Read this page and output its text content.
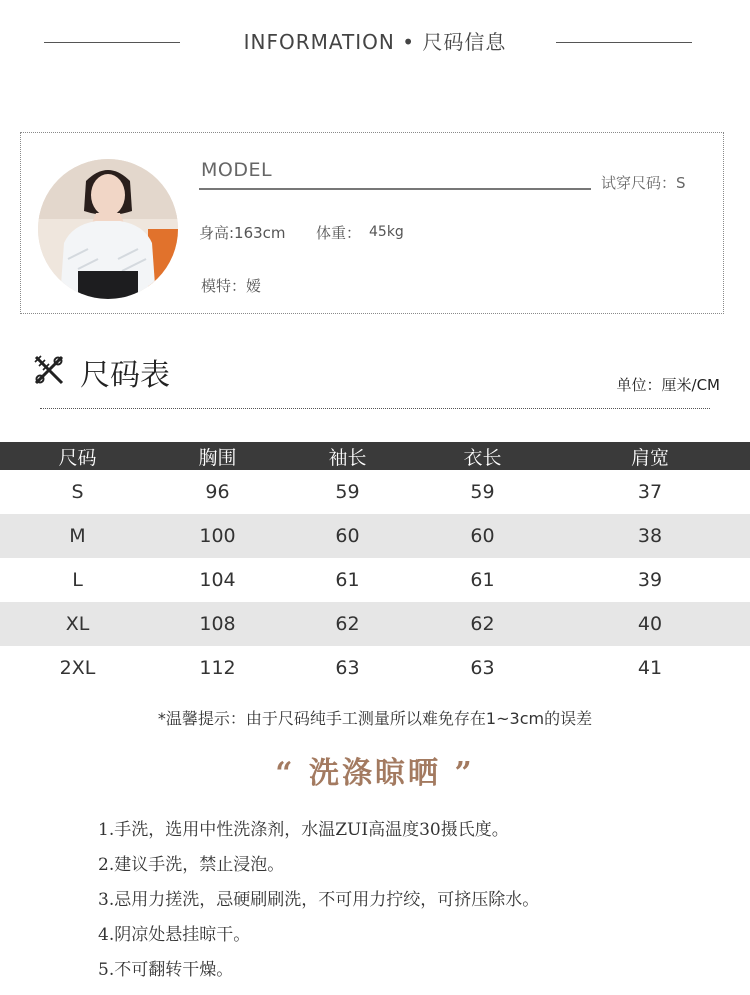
INFORMATION • 尺码信息
MODEL
试穿尺码：S
身高:163cm 体重： 45kg
模特：嫒
尺码表	单位：厘米/CM
尺码	胸围	袖长	衣长	肩宽
S	96	59	59	37
M	100	60	60	38
L	104	61	61	39
XL	108	62	62	40
2XL	112	63	63	41
*温馨提示：由于尺码纯手工测量所以难免存在1~3cm的误差
“ 洗涤晾晒 ”
1.手洗，选用中性洗涤剂，水温ZUI高温度30摄氏度。
2.建议手洗，禁止浸泡。
3.忌用力搓洗，忌硬刷刷洗，不可用力拧绞，可挤压除水。
4.阴凉处悬挂晾干。
5.不可翻转干燥。
